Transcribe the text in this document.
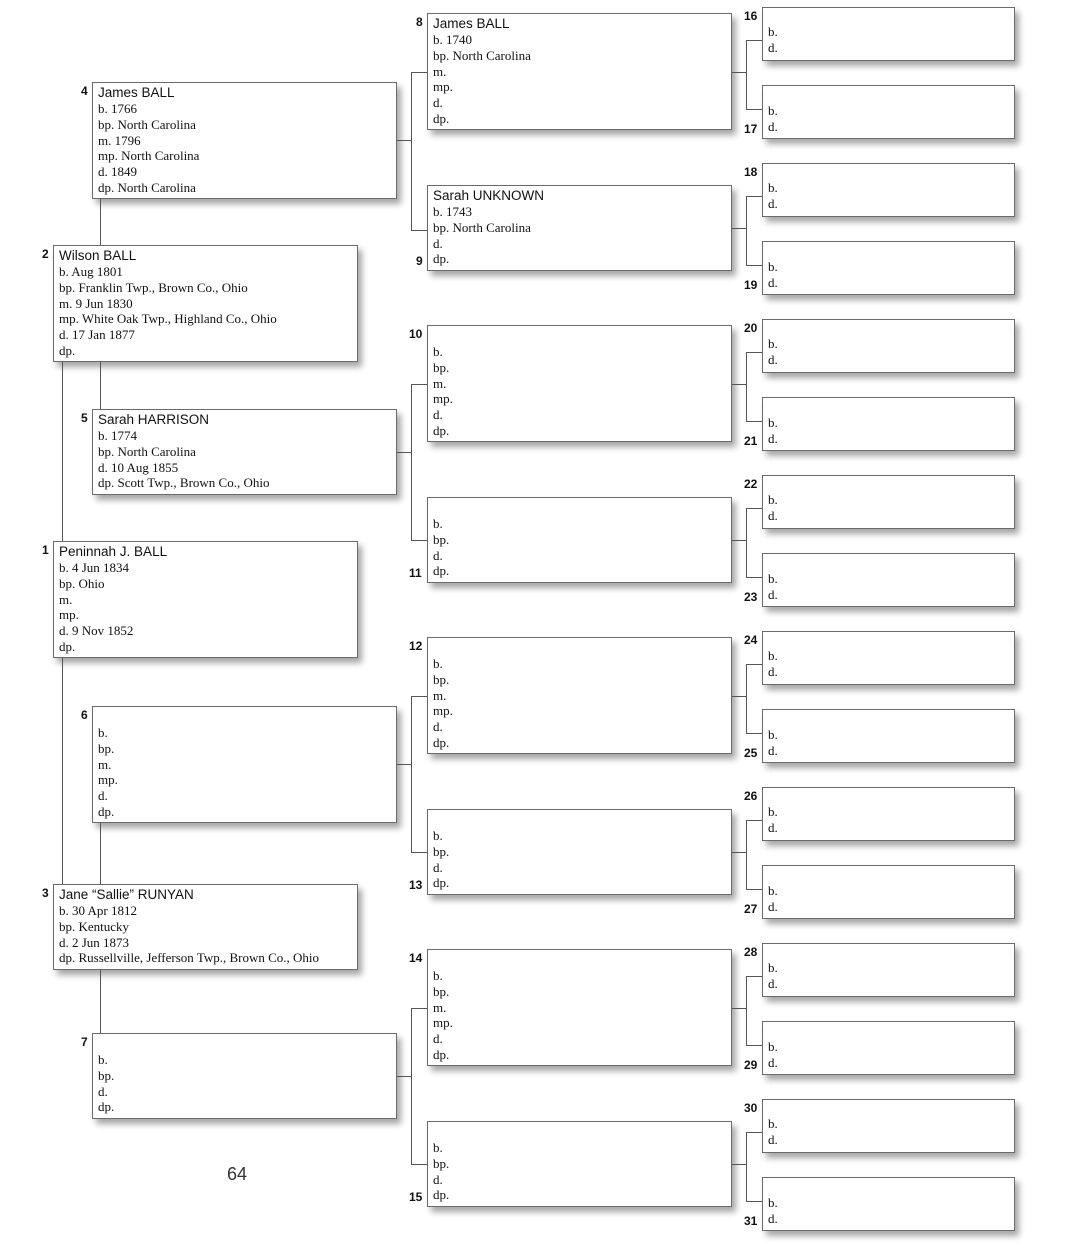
Peninnah J. BALL
b. 4 Jun 1834
bp. Ohio
m.
mp.
d. 9 Nov 1852
dp.
1
Wilson BALL
b. Aug 1801
bp. Franklin Twp., Brown Co., Ohio
m. 9 Jun 1830
mp. White Oak Twp., Highland Co., Ohio
d. 17 Jan 1877
dp.
2
Jane “Sallie” RUNYAN
b. 30 Apr 1812
bp. Kentucky
d. 2 Jun 1873
dp. Russellville, Jefferson Twp., Brown Co., Ohio
3
James BALL
b. 1766
bp. North Carolina
m. 1796
mp. North Carolina
d. 1849
dp. North Carolina
4
Sarah HARRISON
b. 1774
bp. North Carolina
d. 10 Aug 1855
dp. Scott Twp., Brown Co., Ohio
5
b.
bp.
m.
mp.
d.
dp.
6
b.
bp.
d.
dp.
7
James BALL
b. 1740
bp. North Carolina
m.
mp.
d.
dp.
8
Sarah UNKNOWN
b. 1743
bp. North Carolina
d.
dp.
9
b.
bp.
m.
mp.
d.
dp.
10
b.
bp.
d.
dp.
11
b.
bp.
m.
mp.
d.
dp.
12
b.
bp.
d.
dp.
13
b.
bp.
m.
mp.
d.
dp.
14
b.
bp.
d.
dp.
15
b.
d.
16
b.
d.
17
b.
d.
18
b.
d.
19
b.
d.
20
b.
d.
21
b.
d.
22
b.
d.
23
b.
d.
24
b.
d.
25
b.
d.
26
b.
d.
27
b.
d.
28
b.
d.
29
b.
d.
30
b.
d.
31
64
